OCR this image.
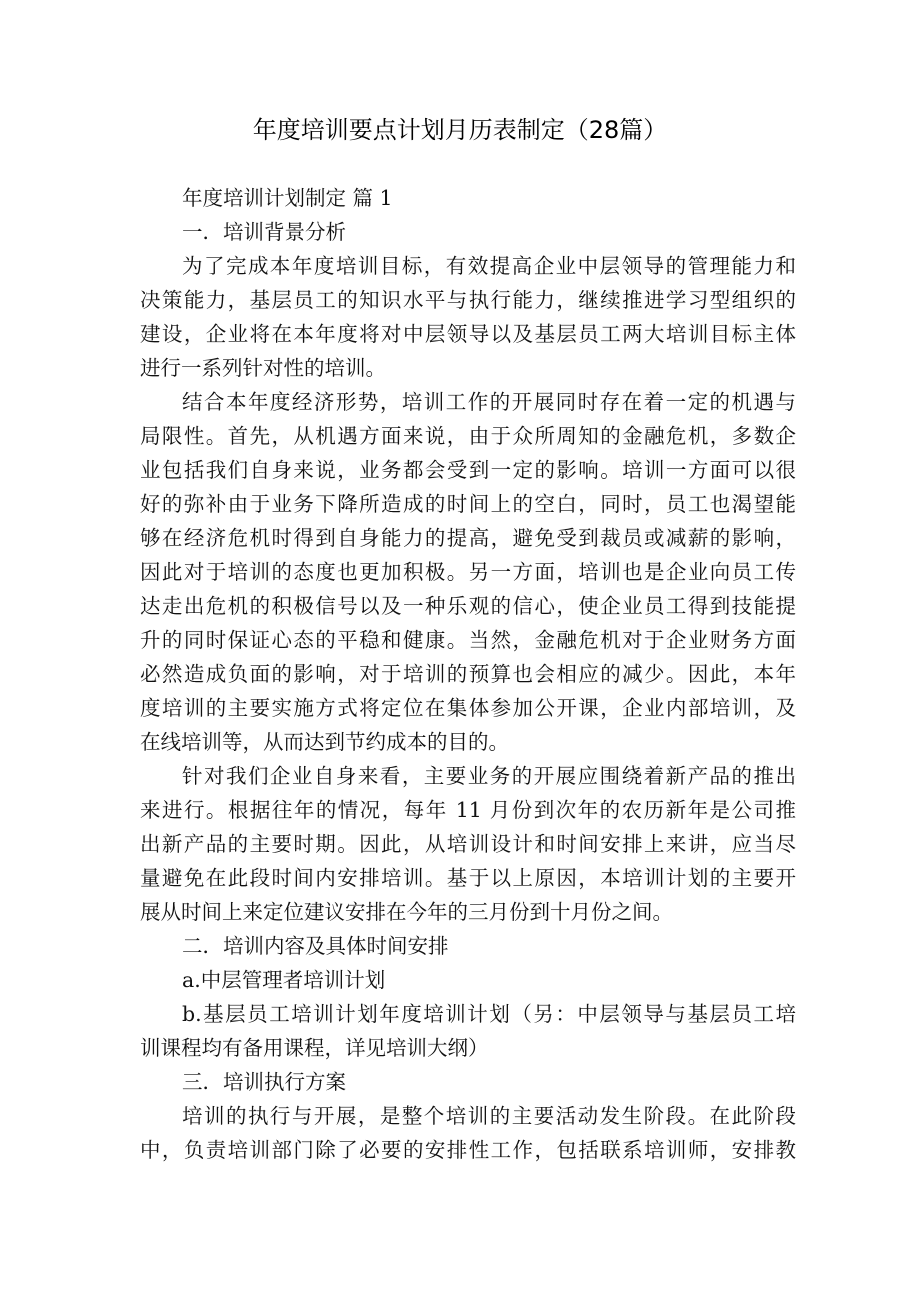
年度培训要点计划月历表制定（28篇）
年度培训计划制定 篇 1
一．培训背景分析
为了完成本年度培训目标，有效提高企业中层领导的管理能力和
决策能力，基层员工的知识水平与执行能力，继续推进学习型组织的
建设，企业将在本年度将对中层领导以及基层员工两大培训目标主体
进行一系列针对性的培训。
结合本年度经济形势，培训工作的开展同时存在着一定的机遇与
局限性。首先，从机遇方面来说，由于众所周知的金融危机，多数企
业包括我们自身来说，业务都会受到一定的影响。培训一方面可以很
好的弥补由于业务下降所造成的时间上的空白，同时，员工也渴望能
够在经济危机时得到自身能力的提高，避免受到裁员或减薪的影响，
因此对于培训的态度也更加积极。另一方面，培训也是企业向员工传
达走出危机的积极信号以及一种乐观的信心，使企业员工得到技能提
升的同时保证心态的平稳和健康。当然，金融危机对于企业财务方面
必然造成负面的影响，对于培训的预算也会相应的减少。因此，本年
度培训的主要实施方式将定位在集体参加公开课，企业内部培训，及
在线培训等，从而达到节约成本的目的。
针对我们企业自身来看，主要业务的开展应围绕着新产品的推出
来进行。根据往年的情况，每年 11 月份到次年的农历新年是公司推
出新产品的主要时期。因此，从培训设计和时间安排上来讲，应当尽
量避免在此段时间内安排培训。基于以上原因，本培训计划的主要开
展从时间上来定位建议安排在今年的三月份到十月份之间。
二．培训内容及具体时间安排
a.中层管理者培训计划
b.基层员工培训计划年度培训计划（另：中层领导与基层员工培
训课程均有备用课程，详见培训大纲）
三．培训执行方案
培训的执行与开展，是整个培训的主要活动发生阶段。在此阶段
中，负责培训部门除了必要的安排性工作，包括联系培训师，安排教
